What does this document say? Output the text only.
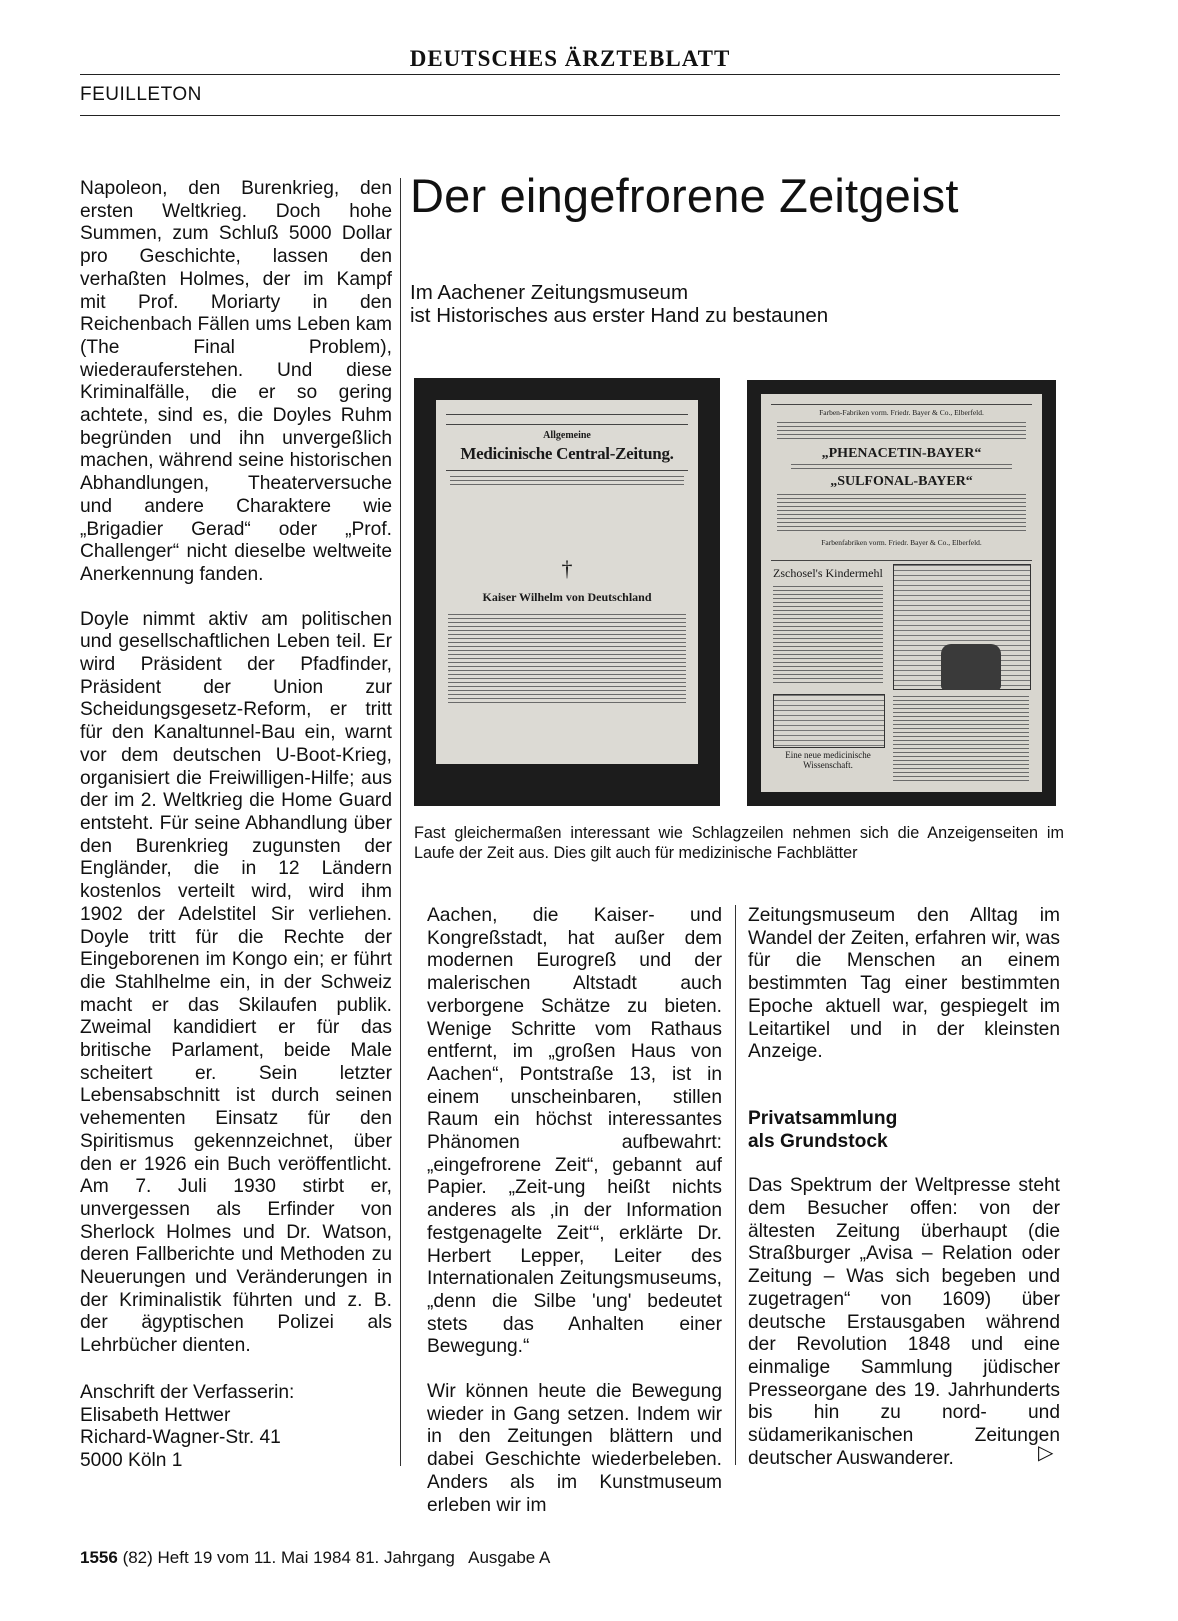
DEUTSCHES ÄRZTEBLATT
FEUILLETON

Napoleon, den Burenkrieg, den ersten Weltkrieg. Doch hohe Summen, zum Schluß 5000 Dollar pro Geschichte, lassen den verhaßten Holmes, der im Kampf mit Prof. Moriarty in den Reichenbach Fällen ums Leben kam (The Final Problem), wiederauferstehen. Und diese Kriminalfälle, die er so gering achtete, sind es, die Doyles Ruhm begründen und ihn unvergeßlich machen, während seine historischen Abhandlungen, Theaterversuche und andere Charaktere wie „Brigadier Gerad“ oder „Prof. Challenger“ nicht dieselbe weltweite Anerkennung fanden.

Doyle nimmt aktiv am politischen und gesellschaftlichen Leben teil. Er wird Präsident der Pfadfinder, Präsident der Union zur Scheidungsgesetz-Reform, er tritt für den Kanaltunnel-Bau ein, warnt vor dem deutschen U-Boot-Krieg, organisiert die Freiwilligen-Hilfe; aus der im 2. Weltkrieg die Home Guard entsteht. Für seine Abhandlung über den Burenkrieg zugunsten der Engländer, die in 12 Ländern kostenlos verteilt wird, wird ihm 1902 der Adelstitel Sir verliehen. Doyle tritt für die Rechte der Eingeborenen im Kongo ein; er führt die Stahlhelme ein, in der Schweiz macht er das Skilaufen publik. Zweimal kandidiert er für das britische Parlament, beide Male scheitert er. Sein letzter Lebensabschnitt ist durch seinen vehementen Einsatz für den Spiritismus gekennzeichnet, über den er 1926 ein Buch veröffentlicht. Am 7. Juli 1930 stirbt er, unvergessen als Erfinder von Sherlock Holmes und Dr. Watson, deren Fallberichte und Methoden zu Neuerungen und Veränderungen in der Kriminalistik führten und z. B. der ägyptischen Polizei als Lehrbücher dienten.

Anschrift der Verfasserin:

Elisabeth Hettwer

Richard-Wagner-Str. 41

5000 Köln 1

Der eingefrorene Zeitgeist
Im Aachener Zeitungsmuseum
ist Historisches aus erster Hand zu bestaunen
Allgemeine
Medicinische Central-Zeitung.
†
Kaiser Wilhelm von Deutschland
Farben-Fabriken vorm. Friedr. Bayer & Co., Elberfeld.
„PHENACETIN-BAYER“
„SULFONAL-BAYER“
Farbenfabriken vorm. Friedr. Bayer & Co., Elberfeld.
Zschosel's Kindermehl
Eine neue medicinische Wissenschaft.
Fast gleichermaßen interessant wie Schlagzeilen nehmen sich die Anzeigenseiten im Laufe der Zeit aus. Dies gilt auch für medizinische Fachblätter

Aachen, die Kaiser- und Kongreßstadt, hat außer dem modernen Eurogreß und der malerischen Altstadt auch verborgene Schätze zu bieten. Wenige Schritte vom Rathaus entfernt, im „großen Haus von Aachen“, Pontstraße 13, ist in einem unscheinbaren, stillen Raum ein höchst interessantes Phänomen aufbewahrt: „eingefrorene Zeit“, gebannt auf Papier. „Zeit-ung heißt nichts anderes als ‚in der Information festgenagelte Zeit‘“, erklärte Dr. Herbert Lepper, Leiter des Internationalen Zeitungsmuseums, „denn die Silbe 'ung' bedeutet stets das Anhalten einer Bewegung.“

Wir können heute die Bewegung wieder in Gang setzen. Indem wir in den Zeitungen blättern und dabei Geschichte wiederbeleben. Anders als im Kunstmuseum erleben wir im

Zeitungsmuseum den Alltag im Wandel der Zeiten, erfahren wir, was für die Menschen an einem bestimmten Tag einer bestimmten Epoche aktuell war, gespiegelt im Leitartikel und in der kleinsten Anzeige.

Privatsammlung
als Grundstock

Das Spektrum der Weltpresse steht dem Besucher offen: von der ältesten Zeitung überhaupt (die Straßburger „Avisa – Relation oder Zeitung – Was sich begeben und zugetragen“ von 1609) über deutsche Erstausgaben während der Revolution 1848 und eine einmalige Sammlung jüdischer Presseorgane des 19. Jahrhunderts bis hin zu nord- und südamerikanischen Zeitungen deutscher Auswanderer.	▷
1556 (82) Heft 19 vom 11. Mai 1984 81. Jahrgang   Ausgabe A
